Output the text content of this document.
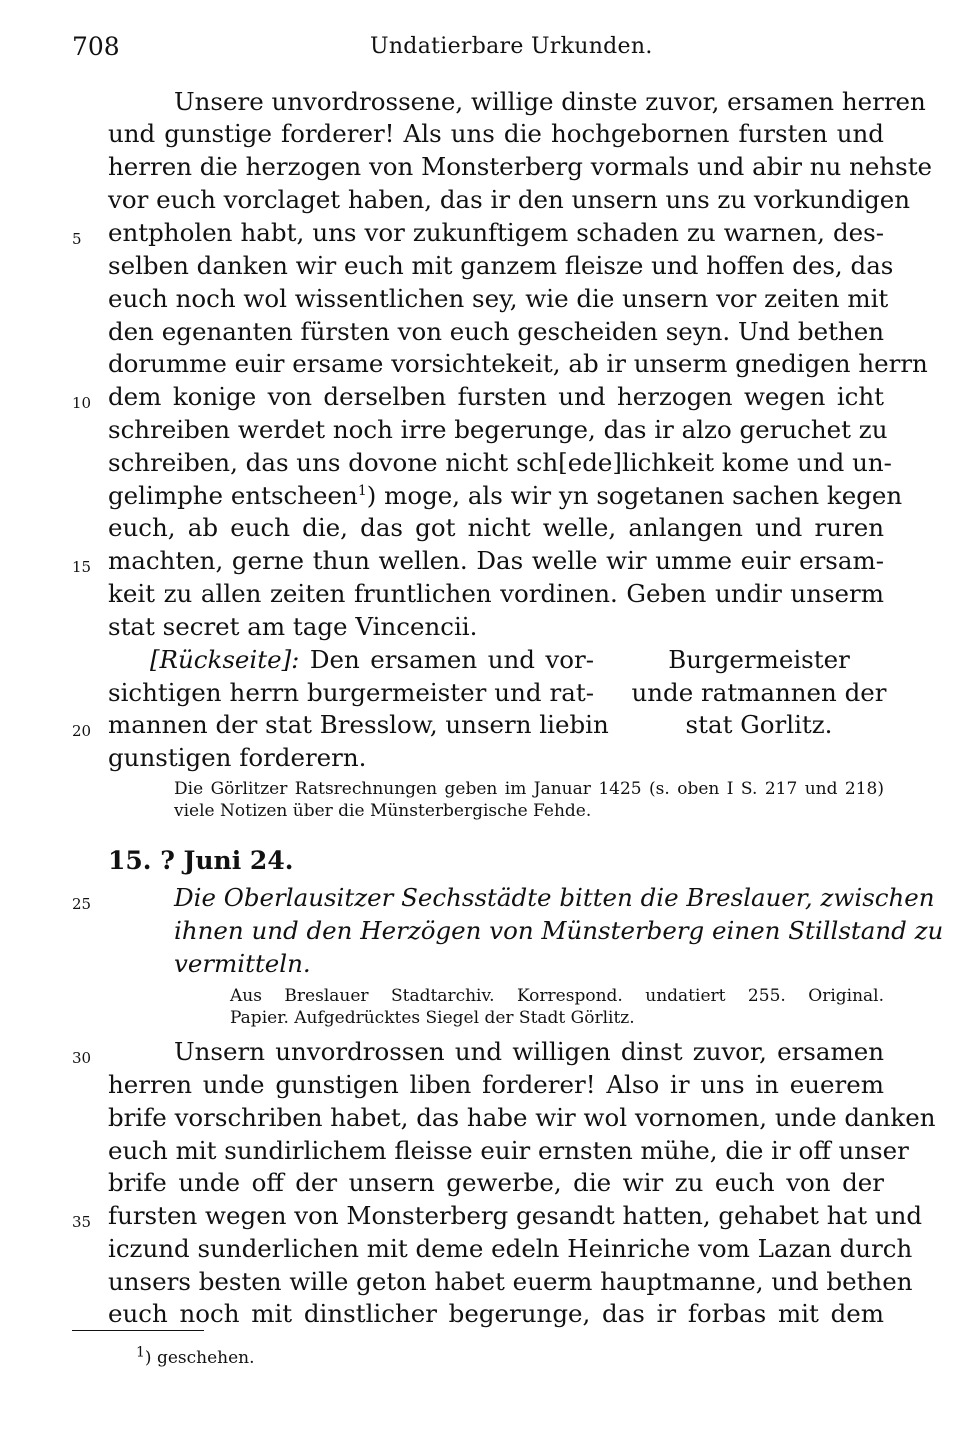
708	Undatierbare Urkunden.
Unsere unvordrossene, willige dinste zuvor, ersamen herren
und gunstige forderer! Als uns die hochgebornen fursten und
herren die herzogen von Monsterberg vormals und abir nu nehste
vor euch vorclaget haben, das ir den unsern uns zu vorkundigen
entpholen habt, uns vor zukunftigem schaden zu warnen, des-
selben danken wir euch mit ganzem fleisze und hoffen des, das
euch noch wol wissentlichen sey, wie die unsern vor zeiten mit
den egenanten fürsten von euch gescheiden seyn. Und bethen
dorumme euir ersame vorsichtekeit, ab ir unserm gnedigen herrn
dem konige von derselben fursten und herzogen wegen icht
schreiben werdet noch irre begerunge, das ir alzo geruchet zu
schreiben, das uns dovone nicht sch[ede]lichkeit kome und un-
gelimphe entscheen$^1$) moge, als wir yn sogetanen sachen kegen
euch, ab euch die, das got nicht welle, anlangen und ruren
machten, gerne thun wellen. Das welle wir umme euir ersam-
keit zu allen zeiten fruntlichen vordinen. Geben undir unserm
stat secret am tage Vincencii.
[Rückseite]: Den ersamen und vor-
sichtigen herrn burgermeister und rat-
mannen der stat Bresslow, unsern liebin
gunstigen forderern.
Burgermeister
unde ratmannen der
stat Gorlitz.
Die Görlitzer Ratsrechnungen geben im Januar 1425 (s. oben I S. 217 und 218)
viele Notizen über die Münsterbergische Fehde.
15. ? Juni 24.
Die Oberlausitzer Sechsstädte bitten die Breslauer, zwischen
ihnen und den Herzögen von Münsterberg einen Stillstand zu
vermitteln.
Aus Breslauer Stadtarchiv. Korrespond. undatiert 255. Original.
Papier. Aufgedrücktes Siegel der Stadt Görlitz.
Unsern unvordrossen und willigen dinst zuvor, ersamen
herren unde gunstigen liben forderer! Also ir uns in euerem
brife vorschriben habet, das habe wir wol vornomen, unde danken
euch mit sundirlichem fleisse euir ernsten mühe, die ir off unser
brife unde off der unsern gewerbe, die wir zu euch von der
fursten wegen von Monsterberg gesandt hatten, gehabet hat und
iczund sunderlichen mit deme edeln Heinriche vom Lazan durch
unsers besten wille geton habet euerm hauptmanne, und bethen
euch noch mit dinstlicher begerunge, das ir forbas mit dem
5
10
15
20
25
30
35
$^1$) geschehen.
